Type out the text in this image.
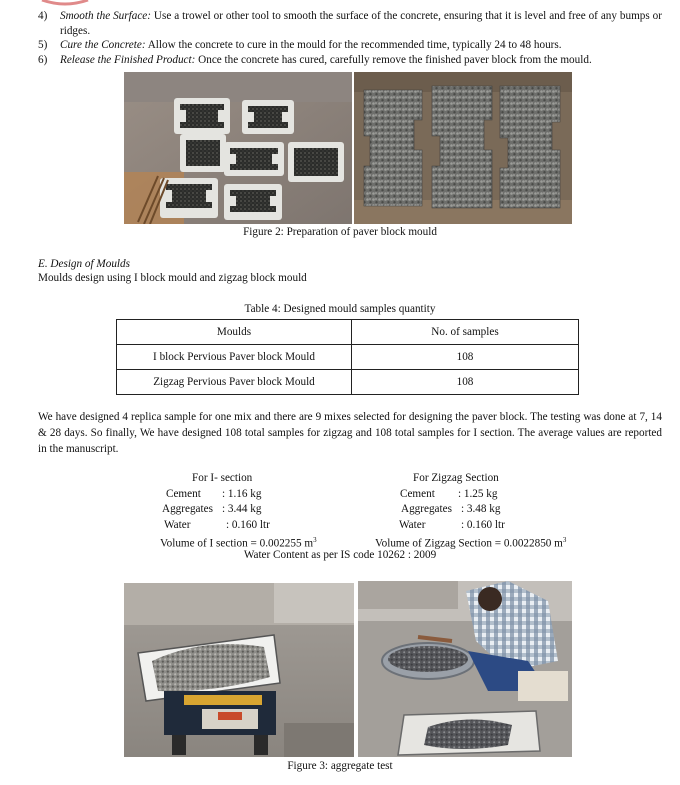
4)	Smooth the Surface: Use a trowel or other tool to smooth the surface of the concrete, ensuring that it is level and free of any bumps or ridges.
5)	Cure the Concrete: Allow the concrete to cure in the mould for the recommended time, typically 24 to 48 hours.
6)	Release the Finished Product: Once the concrete has cured, carefully remove the finished paver block from the mould.
Figure 2: Preparation of paver block mould
E. Design of Moulds
Moulds design using I block mould and zigzag block mould
Table 4: Designed mould samples quantity
Moulds	No. of samples
I block Pervious Paver block Mould	108
Zigzag Pervious Paver block Mould	108
We have designed 4 replica sample for one mix and there are 9 mixes selected for designing the paver block. The testing was done at 7, 14 & 28 days. So finally, We have designed 108 total samples for zigzag and 108 total samples for I section. The average values are reported in the manuscript.
For I- section
Cement	: 1.16 kg
Aggregates : 3.44 kg
Water	: 0.160 ltr
Volume of I section = 0.002255 $m^3$
For Zigzag Section
Cement	: 1.25 kg
Aggregates : 3.48 kg
Water	: 0.160 ltr
Volume of Zigzag Section = 0.0022850 $m^3$
Water Content as per IS code 10262 : 2009
Figure 3: aggregate test
